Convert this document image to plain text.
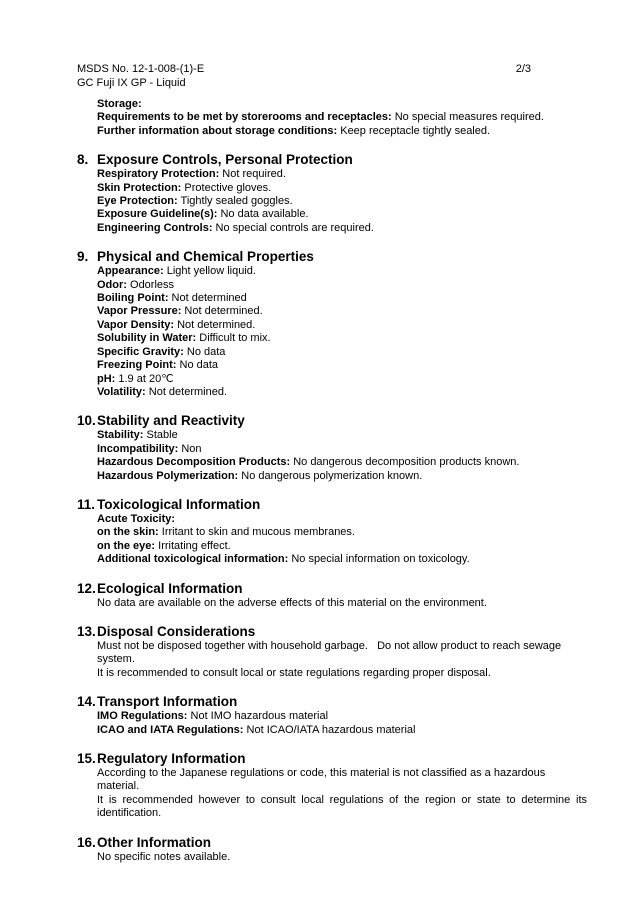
MSDS No. 12-1-008-(1)-E
GC Fuji IX GP - Liquid
2/3
Storage:
Requirements to be met by storerooms and receptacles: No special measures required.
Further information about storage conditions: Keep receptacle tightly sealed.
8. Exposure Controls, Personal Protection
Respiratory Protection: Not required.
Skin Protection: Protective gloves.
Eye Protection: Tightly sealed goggles.
Exposure Guideline(s): No data available.
Engineering Controls: No special controls are required.
9. Physical and Chemical Properties
Appearance: Light yellow liquid.
Odor: Odorless
Boiling Point: Not determined
Vapor Pressure: Not determined.
Vapor Density: Not determined.
Solubility in Water: Difficult to mix.
Specific Gravity: No data
Freezing Point: No data
pH: 1.9 at 20℃
Volatility: Not determined.
10. Stability and Reactivity
Stability: Stable
Incompatibility: Non
Hazardous Decomposition Products: No dangerous decomposition products known.
Hazardous Polymerization: No dangerous polymerization known.
11. Toxicological Information
Acute Toxicity:
on the skin: Irritant to skin and mucous membranes.
on the eye: Irritating effect.
Additional toxicological information: No special information on toxicology.
12. Ecological Information
No data are available on the adverse effects of this material on the environment.
13. Disposal Considerations
Must not be disposed together with household garbage.   Do not allow product to reach sewage system.
It is recommended to consult local or state regulations regarding proper disposal.
14. Transport Information
IMO Regulations: Not IMO hazardous material
ICAO and IATA Regulations: Not ICAO/IATA hazardous material
15. Regulatory Information
According to the Japanese regulations or code, this material is not classified as a hazardous material.
It is recommended however to consult local regulations of the region or state to determine its identification.
16. Other Information
No specific notes available.
